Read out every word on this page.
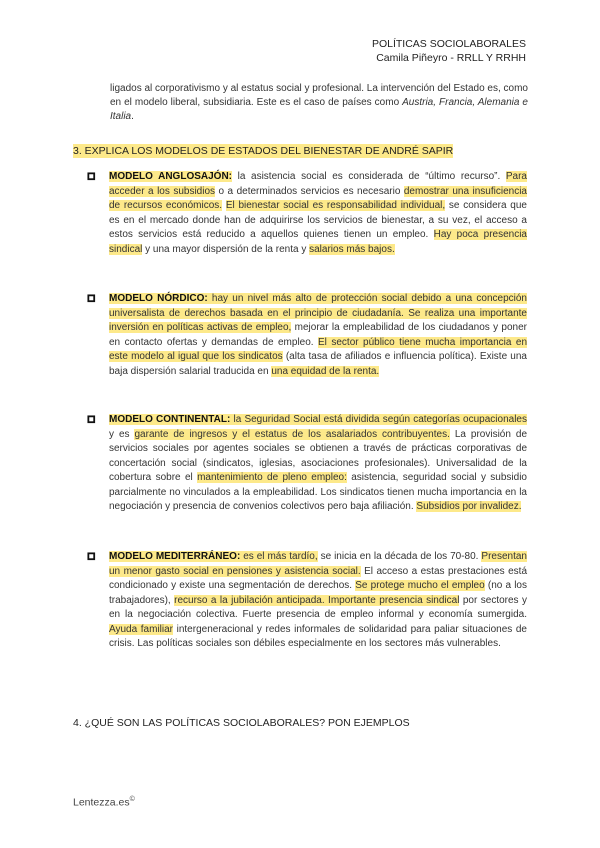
POLÍTICAS SOCIOLABORALES
Camila Piñeyro - RRLL Y RRHH
ligados al corporativismo y al estatus social y profesional. La intervención del Estado es, como en el modelo liberal, subsidiaria. Este es el caso de países como Austria, Francia, Alemania e Italia.
3. EXPLICA LOS MODELOS DE ESTADOS DEL BIENESTAR DE ANDRÉ SAPIR
MODELO ANGLOSAJÓN: la asistencia social es considerada de “último recurso”. Para acceder a los subsidios o a determinados servicios es necesario demostrar una insuficiencia de recursos económicos. El bienestar social es responsabilidad individual, se considera que es en el mercado donde han de adquirirse los servicios de bienestar, a su vez, el acceso a estos servicios está reducido a aquellos quienes tienen un empleo. Hay poca presencia sindical y una mayor dispersión de la renta y salarios más bajos.
MODELO NÓRDICO: hay un nivel más alto de protección social debido a una concepción universalista de derechos basada en el principio de ciudadanía. Se realiza una importante inversión en políticas activas de empleo, mejorar la empleabilidad de los ciudadanos y poner en contacto ofertas y demandas de empleo. El sector público tiene mucha importancia en este modelo al igual que los sindicatos (alta tasa de afiliados e influencia política). Existe una baja dispersión salarial traducida en una equidad de la renta.
MODELO CONTINENTAL: la Seguridad Social está dividida según categorías ocupacionales y es garante de ingresos y el estatus de los asalariados contribuyentes. La provisión de servicios sociales por agentes sociales se obtienen a través de prácticas corporativas de concertación social (sindicatos, iglesias, asociaciones profesionales). Universalidad de la cobertura sobre el mantenimiento de pleno empleo: asistencia, seguridad social y subsidio parcialmente no vinculados a la empleabilidad. Los sindicatos tienen mucha importancia en la negociación y presencia de convenios colectivos pero baja afiliación. Subsidios por invalidez.
MODELO MEDITERRÁNEO: es el más tardío, se inicia en la década de los 70-80. Presentan un menor gasto social en pensiones y asistencia social. El acceso a estas prestaciones está condicionado y existe una segmentación de derechos. Se protege mucho el empleo (no a los trabajadores), recurso a la jubilación anticipada. Importante presencia sindical por sectores y en la negociación colectiva. Fuerte presencia de empleo informal y economía sumergida. Ayuda familiar intergeneracional y redes informales de solidaridad para paliar situaciones de crisis. Las políticas sociales son débiles especialmente en los sectores más vulnerables.
4. ¿QUÉ SON LAS POLÍTICAS SOCIOLABORALES? PON EJEMPLOS
Lentezza.es©
